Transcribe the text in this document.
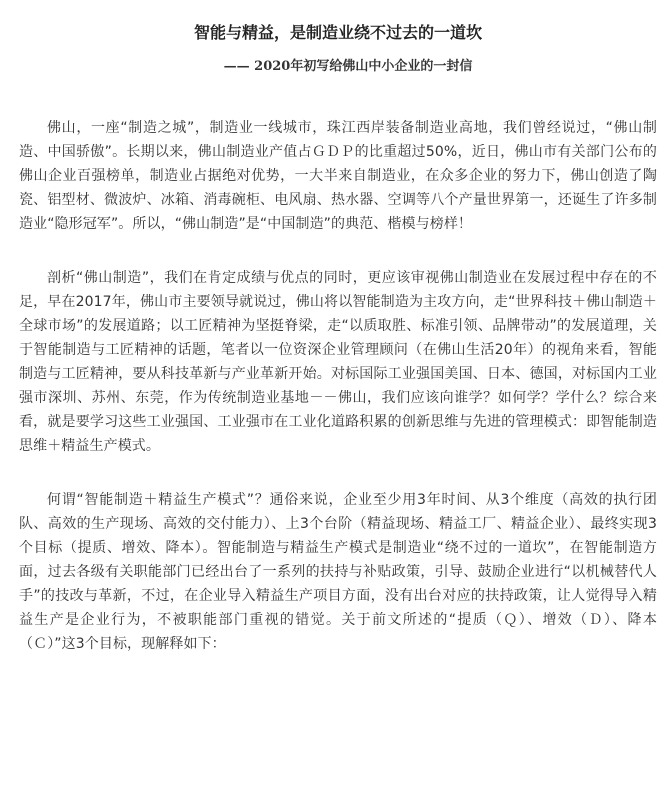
智能与精益，是制造业绕不过去的一道坎

—— 2020年初写给佛山中小企业的一封信

佛山，一座“制造之城”，制造业一线城市，珠江西岸装备制造业高地，我们曾经说过，“佛山制造、中国骄傲”。长期以来，佛山制造业产值占ＧＤＰ的比重超过50%，近日，佛山市有关部门公布的佛山企业百强榜单，制造业占据绝对优势，一大半来自制造业，在众多企业的努力下，佛山创造了陶瓷、铝型材、微波炉、冰箱、消毒碗柜、电风扇、热水器、空调等八个产量世界第一，还诞生了许多制造业“隐形冠军”。所以，“佛山制造”是“中国制造”的典范、楷模与榜样！

剖析“佛山制造”，我们在肯定成绩与优点的同时，更应该审视佛山制造业在发展过程中存在的不足，早在2017年，佛山市主要领导就说过，佛山将以智能制造为主攻方向，走“世界科技＋佛山制造＋全球市场”的发展道路；以工匠精神为坚挺脊梁，走“以质取胜、标准引领、品牌带动”的发展道理，关于智能制造与工匠精神的话题，笔者以一位资深企业管理顾问（在佛山生活20年）的视角来看，智能制造与工匠精神，要从科技革新与产业革新开始。对标国际工业强国美国、日本、德国，对标国内工业强市深圳、苏州、东莞，作为传统制造业基地－－佛山，我们应该向谁学？如何学？学什么？综合来看，就是要学习这些工业强国、工业强市在工业化道路积累的创新思维与先进的管理模式：即智能制造思维＋精益生产模式。

何谓“智能制造＋精益生产模式”？通俗来说，企业至少用3年时间、从3个维度（高效的执行团队、高效的生产现场、高效的交付能力）、上3个台阶（精益现场、精益工厂、精益企业）、最终实现3个目标（提质、增效、降本）。智能制造与精益生产模式是制造业“绕不过的一道坎”，在智能制造方面，过去各级有关职能部门已经出台了一系列的扶持与补贴政策，引导、鼓励企业进行“以机械替代人手”的技改与革新，不过，在企业导入精益生产项目方面，没有出台对应的扶持政策，让人觉得导入精益生产是企业行为，不被职能部门重视的错觉。关于前文所述的“提质（Ｑ）、增效（Ｄ）、降本（Ｃ）”这3个目标，现解释如下：
